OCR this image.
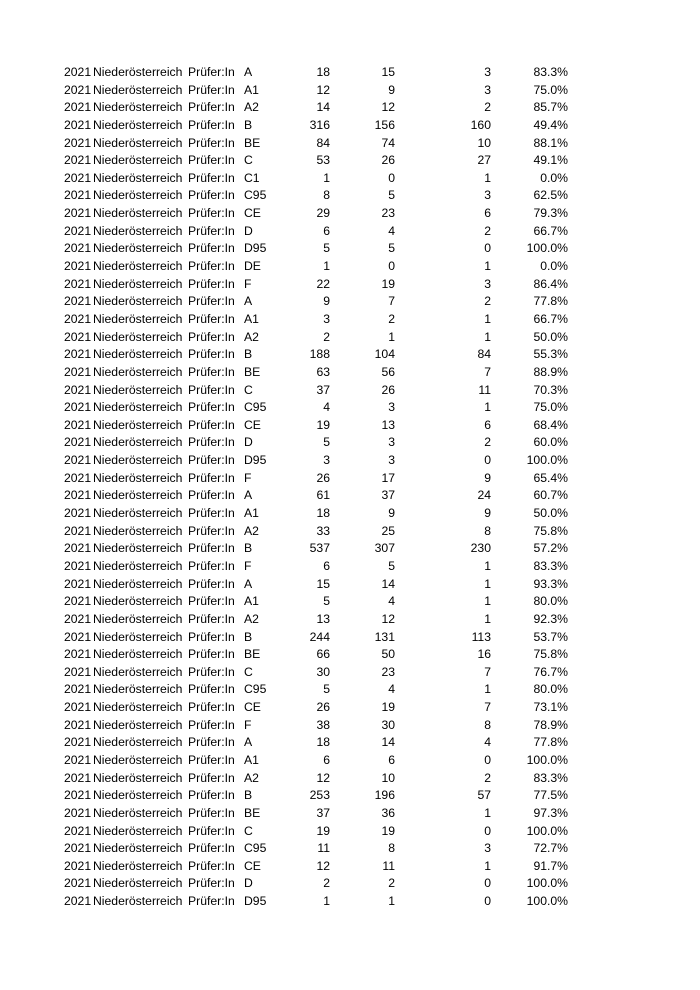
2021 Niederösterreich Prüfer:In A	18	15	3	83.3%
2021 Niederösterreich Prüfer:In A1	12	9	3	75.0%
2021 Niederösterreich Prüfer:In A2	14	12	2	85.7%
2021 Niederösterreich Prüfer:In B	316	156	160	49.4%
2021 Niederösterreich Prüfer:In BE	84	74	10	88.1%
2021 Niederösterreich Prüfer:In C	53	26	27	49.1%
2021 Niederösterreich Prüfer:In C1	1	0	1	0.0%
2021 Niederösterreich Prüfer:In C95	8	5	3	62.5%
2021 Niederösterreich Prüfer:In CE	29	23	6	79.3%
2021 Niederösterreich Prüfer:In D	6	4	2	66.7%
2021 Niederösterreich Prüfer:In D95	5	5	0	100.0%
2021 Niederösterreich Prüfer:In DE	1	0	1	0.0%
2021 Niederösterreich Prüfer:In F	22	19	3	86.4%
2021 Niederösterreich Prüfer:In A	9	7	2	77.8%
2021 Niederösterreich Prüfer:In A1	3	2	1	66.7%
2021 Niederösterreich Prüfer:In A2	2	1	1	50.0%
2021 Niederösterreich Prüfer:In B	188	104	84	55.3%
2021 Niederösterreich Prüfer:In BE	63	56	7	88.9%
2021 Niederösterreich Prüfer:In C	37	26	11	70.3%
2021 Niederösterreich Prüfer:In C95	4	3	1	75.0%
2021 Niederösterreich Prüfer:In CE	19	13	6	68.4%
2021 Niederösterreich Prüfer:In D	5	3	2	60.0%
2021 Niederösterreich Prüfer:In D95	3	3	0	100.0%
2021 Niederösterreich Prüfer:In F	26	17	9	65.4%
2021 Niederösterreich Prüfer:In A	61	37	24	60.7%
2021 Niederösterreich Prüfer:In A1	18	9	9	50.0%
2021 Niederösterreich Prüfer:In A2	33	25	8	75.8%
2021 Niederösterreich Prüfer:In B	537	307	230	57.2%
2021 Niederösterreich Prüfer:In F	6	5	1	83.3%
2021 Niederösterreich Prüfer:In A	15	14	1	93.3%
2021 Niederösterreich Prüfer:In A1	5	4	1	80.0%
2021 Niederösterreich Prüfer:In A2	13	12	1	92.3%
2021 Niederösterreich Prüfer:In B	244	131	113	53.7%
2021 Niederösterreich Prüfer:In BE	66	50	16	75.8%
2021 Niederösterreich Prüfer:In C	30	23	7	76.7%
2021 Niederösterreich Prüfer:In C95	5	4	1	80.0%
2021 Niederösterreich Prüfer:In CE	26	19	7	73.1%
2021 Niederösterreich Prüfer:In F	38	30	8	78.9%
2021 Niederösterreich Prüfer:In A	18	14	4	77.8%
2021 Niederösterreich Prüfer:In A1	6	6	0	100.0%
2021 Niederösterreich Prüfer:In A2	12	10	2	83.3%
2021 Niederösterreich Prüfer:In B	253	196	57	77.5%
2021 Niederösterreich Prüfer:In BE	37	36	1	97.3%
2021 Niederösterreich Prüfer:In C	19	19	0	100.0%
2021 Niederösterreich Prüfer:In C95	11	8	3	72.7%
2021 Niederösterreich Prüfer:In CE	12	11	1	91.7%
2021 Niederösterreich Prüfer:In D	2	2	0	100.0%
2021 Niederösterreich Prüfer:In D95	1	1	0	100.0%
